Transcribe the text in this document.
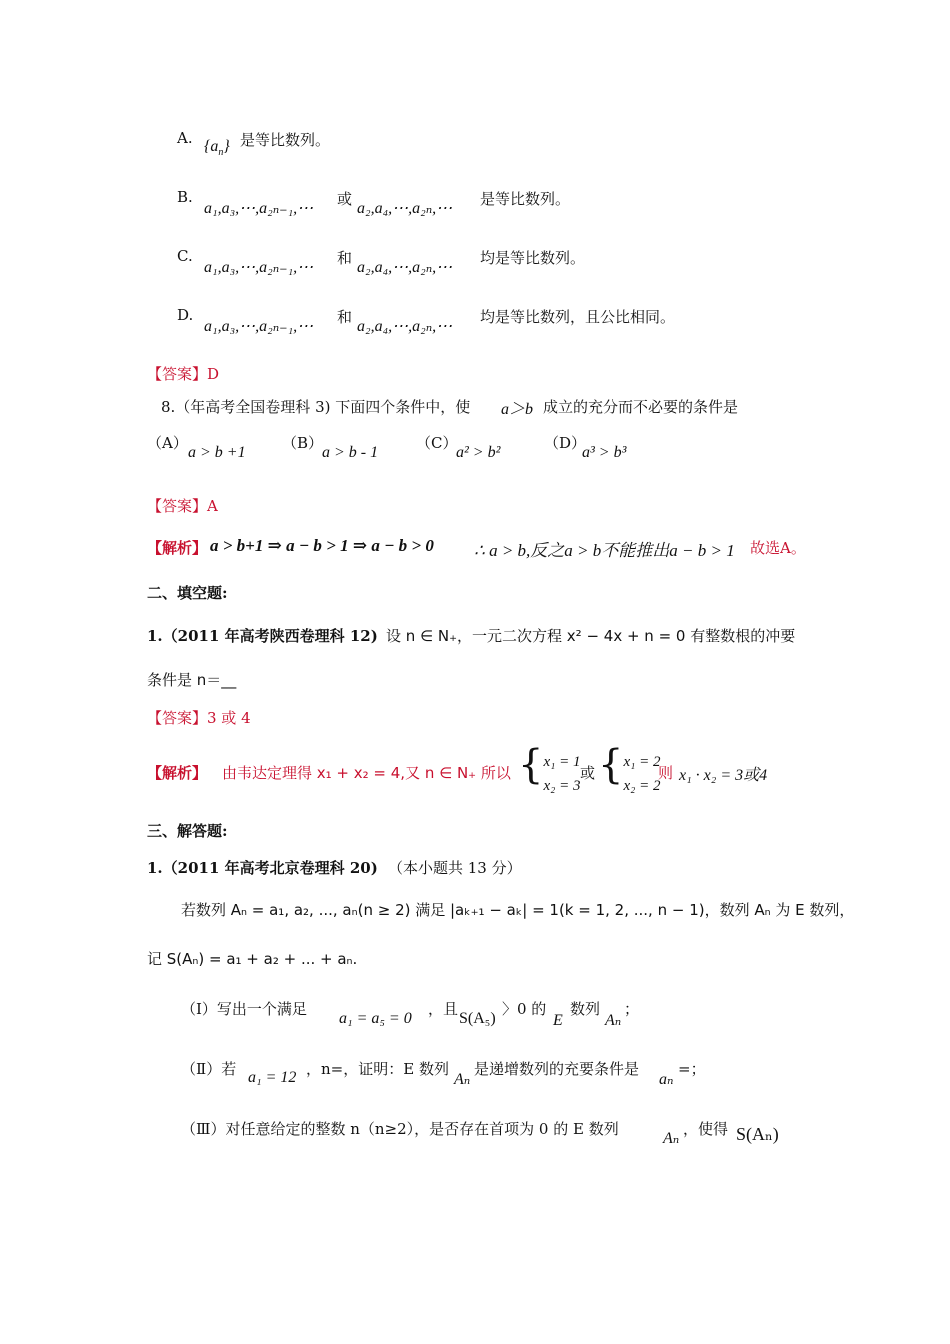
A. $\{a_n\}$ 是等比数列。
B.
a₁,a₃,⋯,a₂ₙ₋₁,⋯
或
a₂,a₄,⋯,a₂ₙ,⋯
是等比数列。
C.
a₁,a₃,⋯,a₂ₙ₋₁,⋯
和
a₂,a₄,⋯,a₂ₙ,⋯
均是等比数列。
D.
a₁,a₃,⋯,a₂ₙ₋₁,⋯
和
a₂,a₄,⋯,a₂ₙ,⋯
均是等比数列，且公比相同。
【答案】D
8.（年高考全国卷理科 3) 下面四个条件中，使 a＞b 成立的充分而不必要的条件是
（A）
a > b +1
（B）
a > b - 1
（C）
a² > b²
（D）
a³ > b³
【答案】A
【解析】 a > b+1 ⇒ a − b > 1 ⇒ a − b > 0 ∴ a > b,反之a > b不能推出a − b > 1 故选A。
二、填空题:
1.（2011 年高考陕西卷理科 12) 设 n ∈ N₊，一元二次方程 x² − 4x + n = 0 有整数根的冲要
条件是 n＝__
【答案】3 或 4
【解析】 由韦达定理得 x₁ + x₂ = 4,又 n ∈ N₊ 所以 {x₁ = 1
x₂ = 3
或 {x₁ = 2
x₂ = 2
则 x₁ · x₂ = 3或4
三、解答题:
1.（2011 年高考北京卷理科 20) （本小题共 13 分）
若数列 Aₙ = a₁, a₂, ..., aₙ(n ≥ 2) 满足 |aₖ₊₁ − aₖ| = 1(k = 1, 2, ..., n − 1)，数列 Aₙ 为 E 数列，
记 S(Aₙ) = a₁ + a₂ + ... + aₙ.
（Ⅰ）写出一个满足
a₁ = a₅ = 0
，且
S(A₅)
〉0 的
E
数列
Aₙ
；
（Ⅱ）若 a₁ = 12 ，n=，证明：E 数列
Aₙ
是递增数列的充要条件是
aₙ
=；
（Ⅲ）对任意给定的整数 n（n≥2），是否存在首项为 0 的 E 数列
Aₙ
，使得 S(Aₙ)
